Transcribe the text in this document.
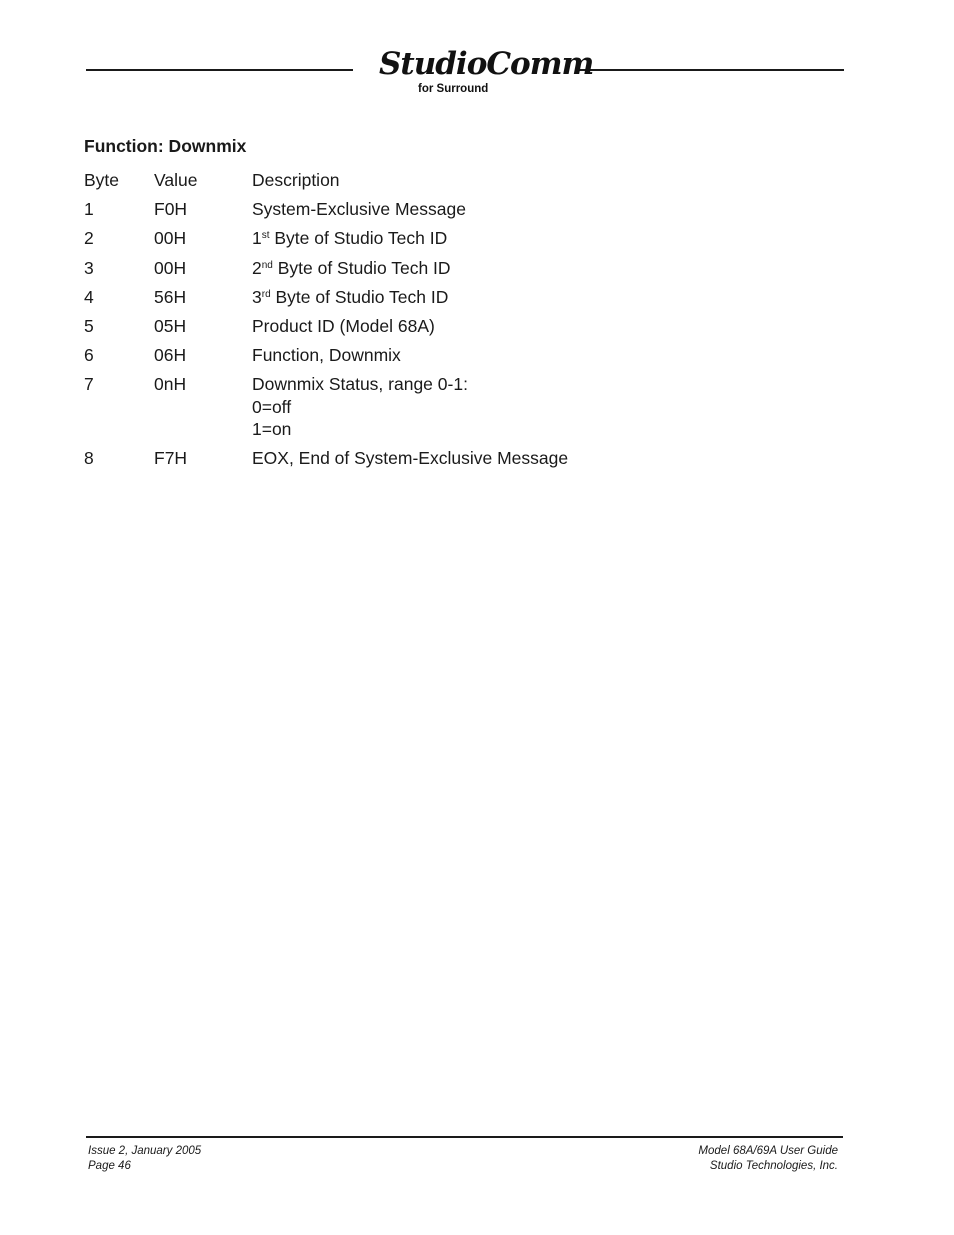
StudioComm
for Surround
Function: Downmix
Byte Value	Description
1	F0H	System-Exclusive Message
2	00H	1st Byte of Studio Tech ID
3	00H	2nd Byte of Studio Tech ID
4	56H	3rd Byte of Studio Tech ID
5	05H	Product ID (Model 68A)
6	06H	Function, Downmix
7	0nH	Downmix Status, range 0-1:
0=off
1=on
8	F7H	EOX, End of System-Exclusive Message
Issue 2, January 2005
Page 46
Model 68A/69A User Guide
Studio Technologies, Inc.
